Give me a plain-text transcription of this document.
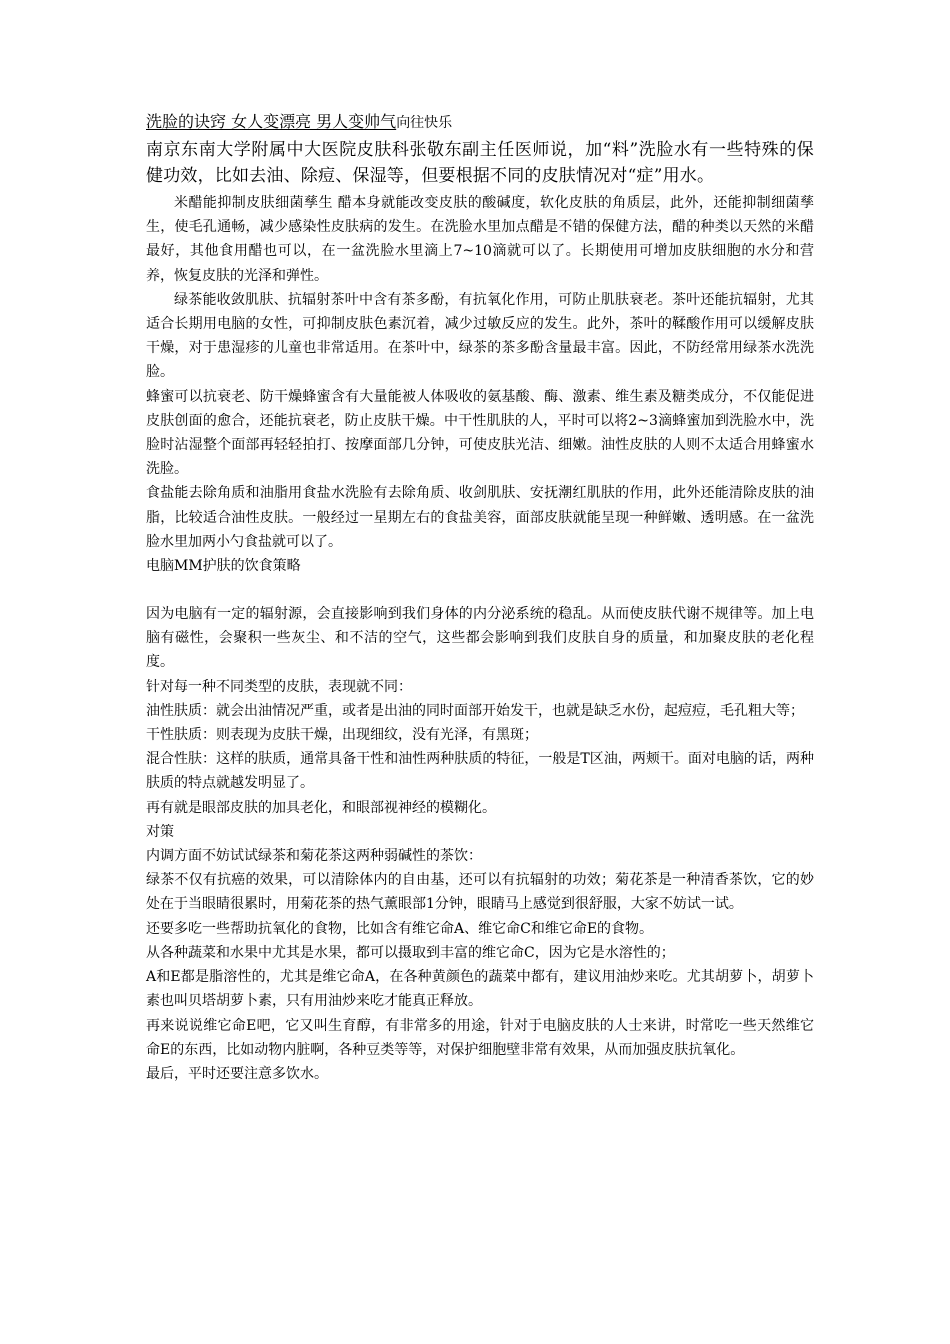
洗脸的诀窍 女人变漂亮 男人变帅气向往快乐
南京东南大学附属中大医院皮肤科张敬东副主任医师说，加“料”洗脸水有一些特殊的保健功效，比如去油、除痘、保湿等，但要根据不同的皮肤情况对“症”用水。

米醋能抑制皮肤细菌孳生 醋本身就能改变皮肤的酸碱度，软化皮肤的角质层，此外，还能抑制细菌孳生，使毛孔通畅，减少感染性皮肤病的发生。在洗脸水里加点醋是不错的保健方法，醋的种类以天然的米醋最好，其他食用醋也可以，在一盆洗脸水里滴上7~10滴就可以了。长期使用可增加皮肤细胞的水分和营养，恢复皮肤的光泽和弹性。

绿茶能收敛肌肤、抗辐射茶叶中含有茶多酚，有抗氧化作用，可防止肌肤衰老。茶叶还能抗辐射，尤其适合长期用电脑的女性，可抑制皮肤色素沉着，减少过敏反应的发生。此外，茶叶的鞣酸作用可以缓解皮肤干燥，对于患湿疹的儿童也非常适用。在茶叶中，绿茶的茶多酚含量最丰富。因此，不防经常用绿茶水洗洗脸。

蜂蜜可以抗衰老、防干燥蜂蜜含有大量能被人体吸收的氨基酸、酶、激素、维生素及糖类成分，不仅能促进皮肤创面的愈合，还能抗衰老，防止皮肤干燥。中干性肌肤的人，平时可以将2~3滴蜂蜜加到洗脸水中，洗脸时沾湿整个面部再轻轻拍打、按摩面部几分钟，可使皮肤光洁、细嫩。油性皮肤的人则不太适合用蜂蜜水洗脸。

食盐能去除角质和油脂用食盐水洗脸有去除角质、收剑肌肤、安抚潮红肌肤的作用，此外还能清除皮肤的油脂，比较适合油性皮肤。一般经过一星期左右的食盐美容，面部皮肤就能呈现一种鲜嫩、透明感。在一盆洗脸水里加两小勺食盐就可以了。

电脑MM护肤的饮食策略

因为电脑有一定的辐射源，会直接影响到我们身体的内分泌系统的稳乱。从而使皮肤代谢不规律等。加上电脑有磁性，会聚积一些灰尘、和不洁的空气，这些都会影响到我们皮肤自身的质量，和加聚皮肤的老化程度。

针对每一种不同类型的皮肤，表现就不同：

油性肤质：就会出油情况严重，或者是出油的同时面部开始发干，也就是缺乏水份，起痘痘，毛孔粗大等；

干性肤质：则表现为皮肤干燥，出现细纹，没有光泽，有黑斑；

混合性肤：这样的肤质，通常具备干性和油性两种肤质的特征，一般是T区油，两颊干。面对电脑的话，两种肤质的特点就越发明显了。

再有就是眼部皮肤的加具老化，和眼部视神经的模糊化。

对策

内调方面不妨试试绿茶和菊花茶这两种弱碱性的茶饮：

绿茶不仅有抗癌的效果，可以清除体内的自由基，还可以有抗辐射的功效；菊花茶是一种清香茶饮，它的妙处在于当眼睛很累时，用菊花茶的热气薰眼部1分钟，眼睛马上感觉到很舒服，大家不妨试一试。

还要多吃一些帮助抗氧化的食物，比如含有维它命A、维它命C和维它命E的食物。

从各种蔬菜和水果中尤其是水果，都可以摄取到丰富的维它命C，因为它是水溶性的；

A和E都是脂溶性的，尤其是维它命A，在各种黄颜色的蔬菜中都有，建议用油炒来吃。尤其胡萝卜，胡萝卜素也叫贝塔胡萝卜素，只有用油炒来吃才能真正释放。

再来说说维它命E吧，它又叫生育醇，有非常多的用途，针对于电脑皮肤的人士来讲，时常吃一些天然维它命E的东西，比如动物内脏啊，各种豆类等等，对保护细胞壁非常有效果，从而加强皮肤抗氧化。

最后，平时还要注意多饮水。
